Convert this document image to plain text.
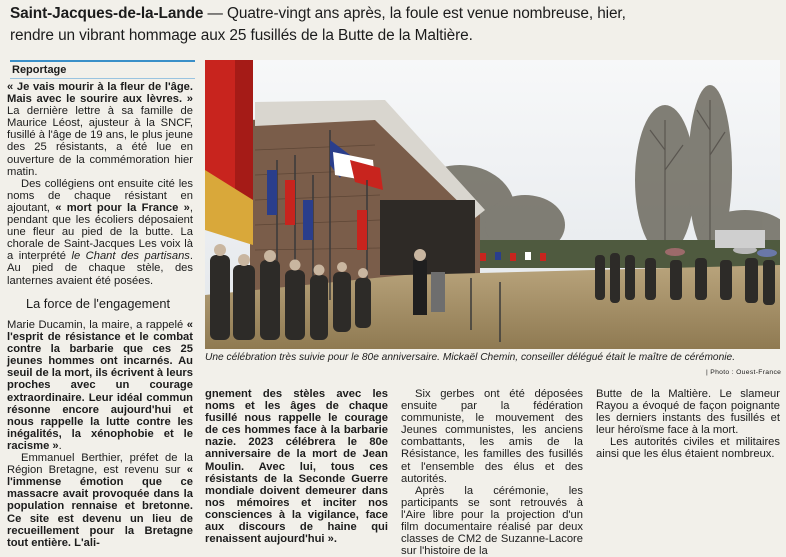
Saint-Jacques-de-la-Lande — Quatre-vingt ans après, la foule est venue nombreuse, hier,
rendre un vibrant hommage aux 25 fusillés de la Butte de la Maltière.
Reportage

« Je vais mourir à la fleur de l'âge. Mais avec le sourire aux lèvres. » La dernière lettre à sa famille de Maurice Léost, ajusteur à la SNCF, fusillé à l'âge de 19 ans, le plus jeune des 25 résistants, a été lue en ouverture de la commémoration hier matin.

Des collégiens ont ensuite cité les noms de chaque résistant en ajoutant, « mort pour la France », pendant que les écoliers déposaient une fleur au pied de la butte. La chorale de Saint-Jacques Les voix là a interprété le Chant des partisans. Au pied de chaque stèle, des lanternes avaient été posées.

La force de l'engagement

Marie Ducamin, la maire, a rappelé « l'esprit de résistance et le combat contre la barbarie que ces 25 jeunes hommes ont incarnés. Au seuil de la mort, ils écrivent à leurs proches avec un courage extraordinaire. Leur idéal commun résonne encore aujourd'hui et nous rappelle la lutte contre les inégalités, la xénophobie et le racisme ».

Emmanuel Berthier, préfet de la Région Bretagne, est revenu sur « l'immense émotion que ce massacre avait provoquée dans la population rennaise et bretonne. Ce site est devenu un lieu de recueillement pour la Bretagne tout entière. L'ali-

Une célébration très suivie pour le 80e anniversaire. Mickaël Chemin, conseiller délégué était le maître de cérémonie.
| Photo : Ouest-France

gnement des stèles avec les noms et les âges de chaque fusillé nous rappelle le courage de ces hommes face à la barbarie nazie. 2023 célébrera le 80e anniversaire de la mort de Jean Moulin. Avec lui, tous ces résistants de la Seconde Guerre mondiale doivent demeurer dans nos mémoires et inciter nos consciences à la vigilance, face aux discours de haine qui renaissent aujourd'hui ».

Six gerbes ont été déposées ensuite par la fédération communiste, le mouvement des Jeunes communistes, les anciens combattants, les amis de la Résistance, les familles des fusillés et l'ensemble des élus et des autorités.

Après la cérémonie, les participants se sont retrouvés à l'Aire libre pour la projection d'un film documentaire réalisé par deux classes de CM2 de Suzanne-Lacore sur l'histoire de la

Butte de la Maltière. Le slameur Rayou a évoqué de façon poignante les derniers instants des fusillés et leur héroïsme face à la mort.

Les autorités civiles et militaires ainsi que les élus étaient nombreux.
